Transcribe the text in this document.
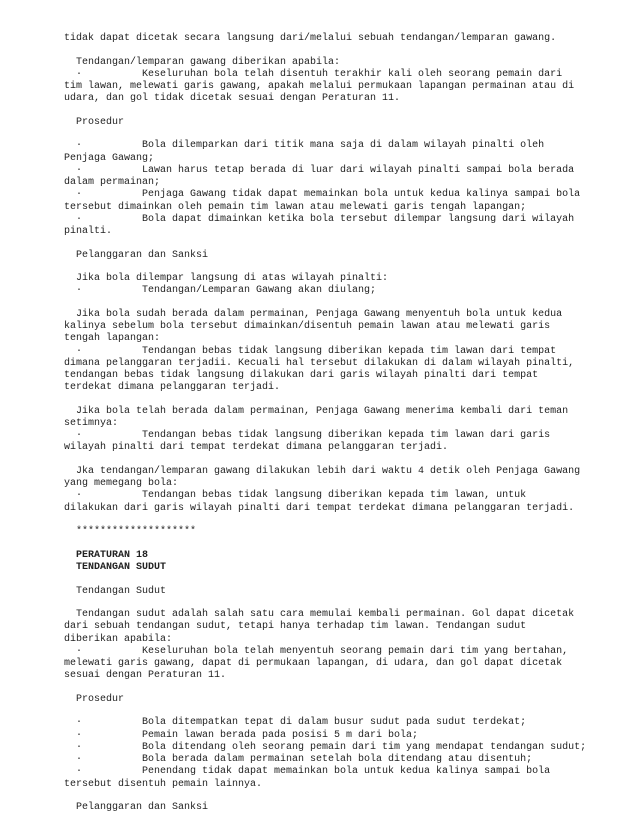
tidak dapat dicetak secara langsung dari/melalui sebuah tendangan/lemparan gawang.

Tendangan/lemparan gawang diberikan apabila:

·          Keseluruhan bola telah disentuh terakhir kali oleh seorang pemain dari

tim lawan, melewati garis gawang, apakah melalui permukaan lapangan permainan atau di

udara, dan gol tidak dicetak sesuai dengan Peraturan 11.

Prosedur

·          Bola dilemparkan dari titik mana saja di dalam wilayah pinalti oleh

Penjaga Gawang;

·          Lawan harus tetap berada di luar dari wilayah pinalti sampai bola berada

dalam permainan;

·          Penjaga Gawang tidak dapat memainkan bola untuk kedua kalinya sampai bola

tersebut dimainkan oleh pemain tim lawan atau melewati garis tengah lapangan;

·          Bola dapat dimainkan ketika bola tersebut dilempar langsung dari wilayah

pinalti.

Pelanggaran dan Sanksi

Jika bola dilempar langsung di atas wilayah pinalti:

·          Tendangan/Lemparan Gawang akan diulang;

Jika bola sudah berada dalam permainan, Penjaga Gawang menyentuh bola untuk kedua

kalinya sebelum bola tersebut dimainkan/disentuh pemain lawan atau melewati garis

tengah lapangan:

·          Tendangan bebas tidak langsung diberikan kepada tim lawan dari tempat

dimana pelanggaran terjadii. Kecuali hal tersebut dilakukan di dalam wilayah pinalti,

tendangan bebas tidak langsung dilakukan dari garis wilayah pinalti dari tempat

terdekat dimana pelanggaran terjadi.

Jika bola telah berada dalam permainan, Penjaga Gawang menerima kembali dari teman

setimnya:

·          Tendangan bebas tidak langsung diberikan kepada tim lawan dari garis

wilayah pinalti dari tempat terdekat dimana pelanggaran terjadi.

Jka tendangan/lemparan gawang dilakukan lebih dari waktu 4 detik oleh Penjaga Gawang

yang memegang bola:

·          Tendangan bebas tidak langsung diberikan kepada tim lawan, untuk

dilakukan dari garis wilayah pinalti dari tempat terdekat dimana pelanggaran terjadi.

********************

PERATURAN 18

TENDANGAN SUDUT

Tendangan Sudut

Tendangan sudut adalah salah satu cara memulai kembali permainan. Gol dapat dicetak

dari sebuah tendangan sudut, tetapi hanya terhadap tim lawan. Tendangan sudut

diberikan apabila:

·          Keseluruhan bola telah menyentuh seorang pemain dari tim yang bertahan,

melewati garis gawang, dapat di permukaan lapangan, di udara, dan gol dapat dicetak

sesuai dengan Peraturan 11.

Prosedur

·          Bola ditempatkan tepat di dalam busur sudut pada sudut terdekat;

·          Pemain lawan berada pada posisi 5 m dari bola;

·          Bola ditendang oleh seorang pemain dari tim yang mendapat tendangan sudut;

·          Bola berada dalam permainan setelah bola ditendang atau disentuh;

·          Penendang tidak dapat memainkan bola untuk kedua kalinya sampai bola

tersebut disentuh pemain lainnya.

Pelanggaran dan Sanksi
